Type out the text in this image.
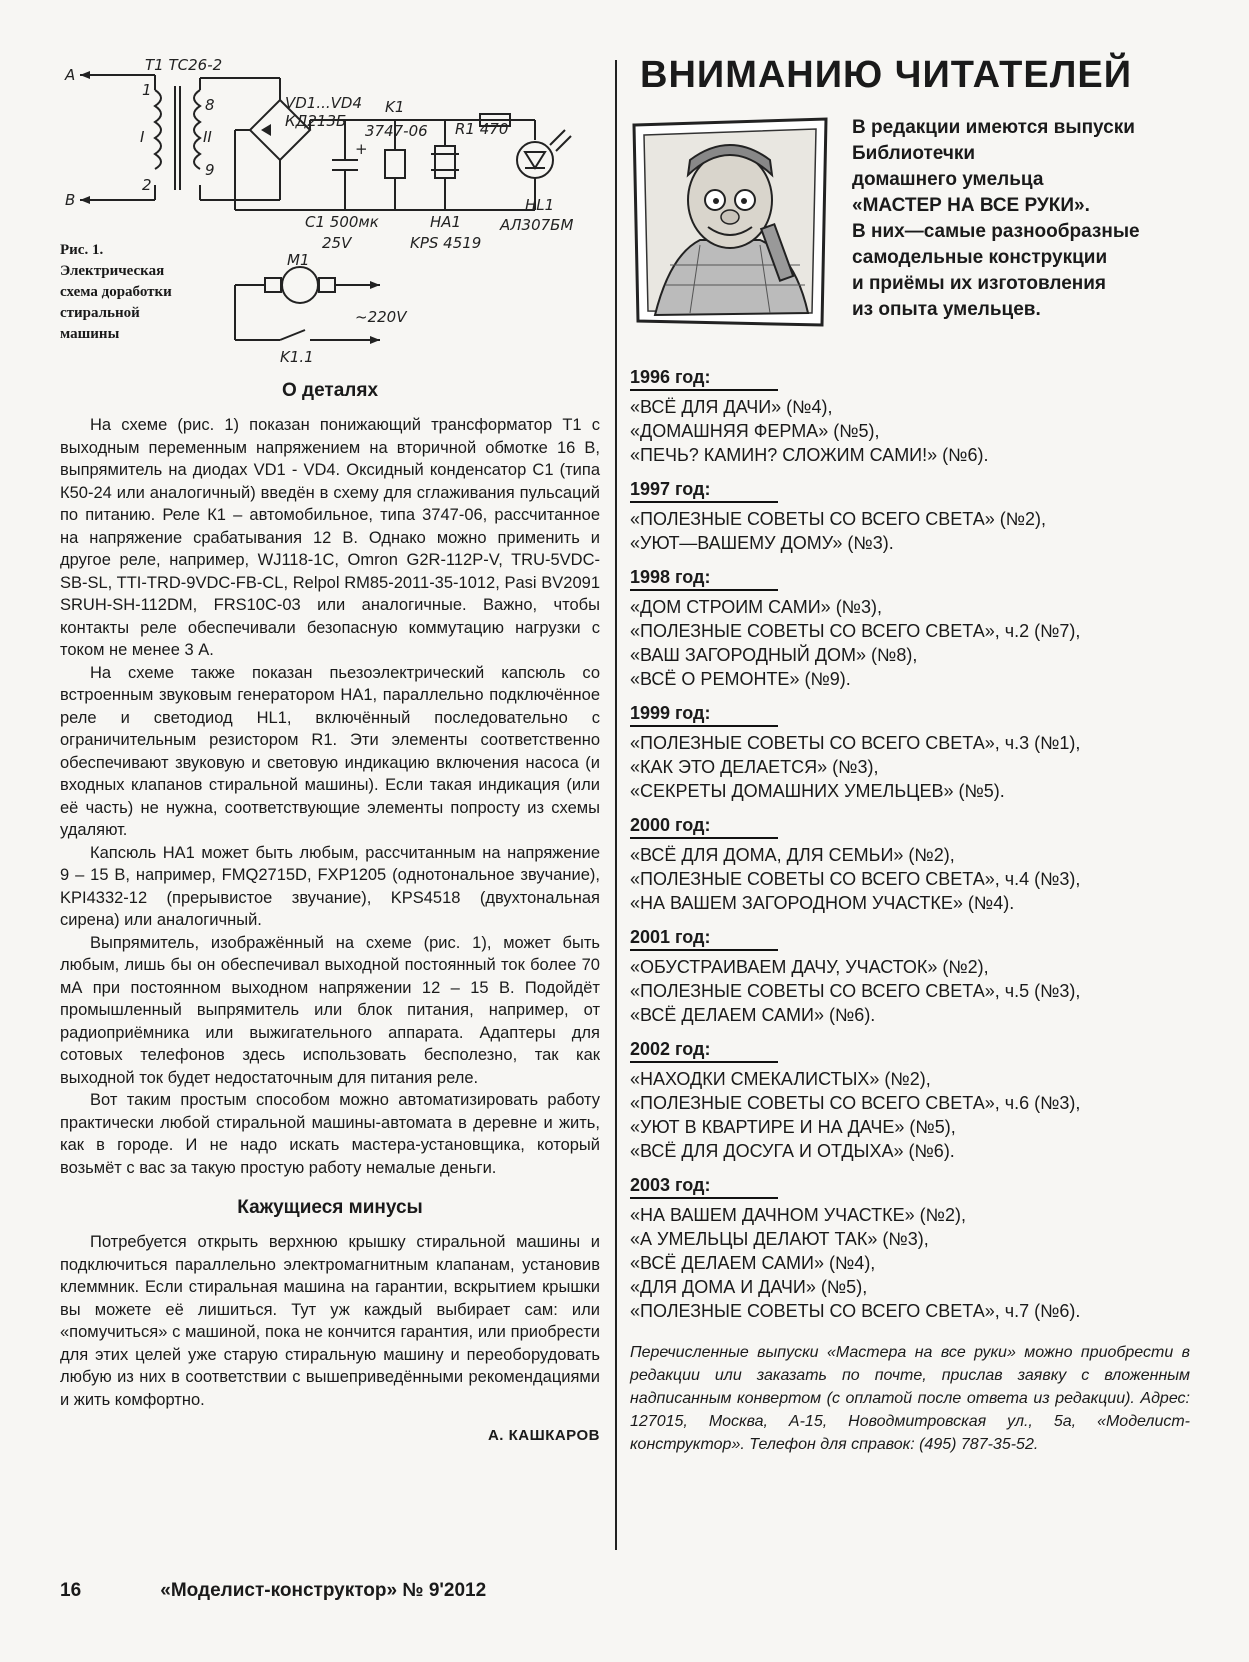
A
B
T1 ТС26-2
1
2
I	II
8
9
VD1...VD4
КД213Б
K1
3747-06 R1 470
+
HL1
АЛ307БМ
C1 500мк
25V
HA1
KPS 4519
M1
~220V
K1.1
Рис. 1. Электрическая схема доработки стиральной машины
О деталях

На схеме (рис. 1) показан понижающий трансформатор Т1 с выходным переменным напряжением на вторичной обмотке 16 В, выпрямитель на диодах VD1 - VD4. Оксидный конденсатор С1 (типа К50-24 или аналогичный) введён в схему для сглаживания пульсаций по питанию. Реле К1 – автомобильное, типа 3747-06, рассчитанное на напряжение срабатывания 12 В. Однако можно применить и другое реле, например, WJ118-1C, Omron G2R-112P-V, TRU-5VDC-SB-SL, TTI-TRD-9VDC-FB-CL, Relpol RM85-2011-35-1012, Pasi BV2091 SRUH-SH-112DM, FRS10C-03 или аналогичные. Важно, чтобы контакты реле обеспечивали безопасную коммутацию нагрузки с током не менее 3 А.

На схеме также показан пьезоэлектрический капсюль со встроенным звуковым генератором HA1, параллельно подключённое реле и светодиод HL1, включённый последовательно с ограничительным резистором R1. Эти элементы соответственно обеспечивают звуковую и световую индикацию включения насоса (и входных клапанов стиральной машины). Если такая индикация (или её часть) не нужна, соответствующие элементы попросту из схемы удаляют.

Капсюль HA1 может быть любым, рассчитанным на напряжение 9 – 15 В, например, FMQ2715D, FXP1205 (однотональное звучание), KPI4332-12 (прерывистое звучание), KPS4518 (двухтональная сирена) или аналогичный.

Выпрямитель, изображённый на схеме (рис. 1), может быть любым, лишь бы он обеспечивал выходной постоянный ток более 70 мА при постоянном выходном напряжении 12 – 15 В. Подойдёт промышленный выпрямитель или блок питания, например, от радиоприёмника или выжигательного аппарата. Адаптеры для сотовых телефонов здесь использовать бесполезно, так как выходной ток будет недостаточным для питания реле.

Вот таким простым способом можно автоматизировать работу практически любой стиральной машины-автомата в деревне и жить, как в городе. И не надо искать мастера-установщика, который возьмёт с вас за такую простую работу немалые деньги.

Кажущиеся минусы

Потребуется открыть верхнюю крышку стиральной машины и подключиться параллельно электромагнитным клапанам, установив клеммник. Если стиральная машина на гарантии, вскрытием крышки вы можете её лишиться. Тут уж каждый выбирает сам: или «помучиться» с машиной, пока не кончится гарантия, или приобрести для этих целей уже старую стиральную машину и переоборудовать любую из них в соответствии с вышеприведёнными рекомендациями и жить комфортно.

А. КАШКАРОВ
16	«Моделист-конструктор» № 9'2012
ВНИМАНИЮ ЧИТАТЕЛЕЙ
В редакции имеются выпуски
Библиотечки
домашнего умельца
«МАСТЕР НА ВСЕ РУКИ».
В них—самые разнообразные
самодельные конструкции
и приёмы их изготовления
из опыта умельцев.
1996 год:
«ВСЁ ДЛЯ ДАЧИ» (№4),
«ДОМАШНЯЯ ФЕРМА» (№5),
«ПЕЧЬ? КАМИН? СЛОЖИМ САМИ!» (№6).
1997 год:
«ПОЛЕЗНЫЕ СОВЕТЫ СО ВСЕГО СВЕТА» (№2),
«УЮТ—ВАШЕМУ ДОМУ» (№3).
1998 год:
«ДОМ СТРОИМ САМИ» (№3),
«ПОЛЕЗНЫЕ СОВЕТЫ СО ВСЕГО СВЕТА», ч.2 (№7),
«ВАШ ЗАГОРОДНЫЙ ДОМ» (№8),
«ВСЁ О РЕМОНТЕ» (№9).
1999 год:
«ПОЛЕЗНЫЕ СОВЕТЫ СО ВСЕГО СВЕТА», ч.3 (№1),
«КАК ЭТО ДЕЛАЕТСЯ» (№3),
«СЕКРЕТЫ ДОМАШНИХ УМЕЛЬЦЕВ» (№5).
2000 год:
«ВСЁ ДЛЯ ДОМА, ДЛЯ СЕМЬИ» (№2),
«ПОЛЕЗНЫЕ СОВЕТЫ СО ВСЕГО СВЕТА», ч.4 (№3),
«НА ВАШЕМ ЗАГОРОДНОМ УЧАСТКЕ» (№4).
2001 год:
«ОБУСТРАИВАЕМ ДАЧУ, УЧАСТОК» (№2),
«ПОЛЕЗНЫЕ СОВЕТЫ СО ВСЕГО СВЕТА», ч.5 (№3),
«ВСЁ ДЕЛАЕМ САМИ» (№6).
2002 год:
«НАХОДКИ СМЕКАЛИСТЫХ» (№2),
«ПОЛЕЗНЫЕ СОВЕТЫ СО ВСЕГО СВЕТА», ч.6 (№3),
«УЮТ В КВАРТИРЕ И НА ДАЧЕ» (№5),
«ВСЁ ДЛЯ ДОСУГА И ОТДЫХА» (№6).
2003 год:
«НА ВАШЕМ ДАЧНОМ УЧАСТКЕ» (№2),
«А УМЕЛЬЦЫ ДЕЛАЮТ ТАК» (№3),
«ВСЁ ДЕЛАЕМ САМИ» (№4),
«ДЛЯ ДОМА И ДАЧИ» (№5),
«ПОЛЕЗНЫЕ СОВЕТЫ СО ВСЕГО СВЕТА», ч.7 (№6).
Перечисленные выпуски «Мастера на все руки» можно приобрести в редакции или заказать по почте, прислав заявку с вложенным надписанным конвертом (с оплатой после ответа из редакции). Адрес: 127015, Москва, А-15, Новодмитровская ул., 5а, «Моделист-конструктор». Телефон для справок: (495) 787-35-52.
